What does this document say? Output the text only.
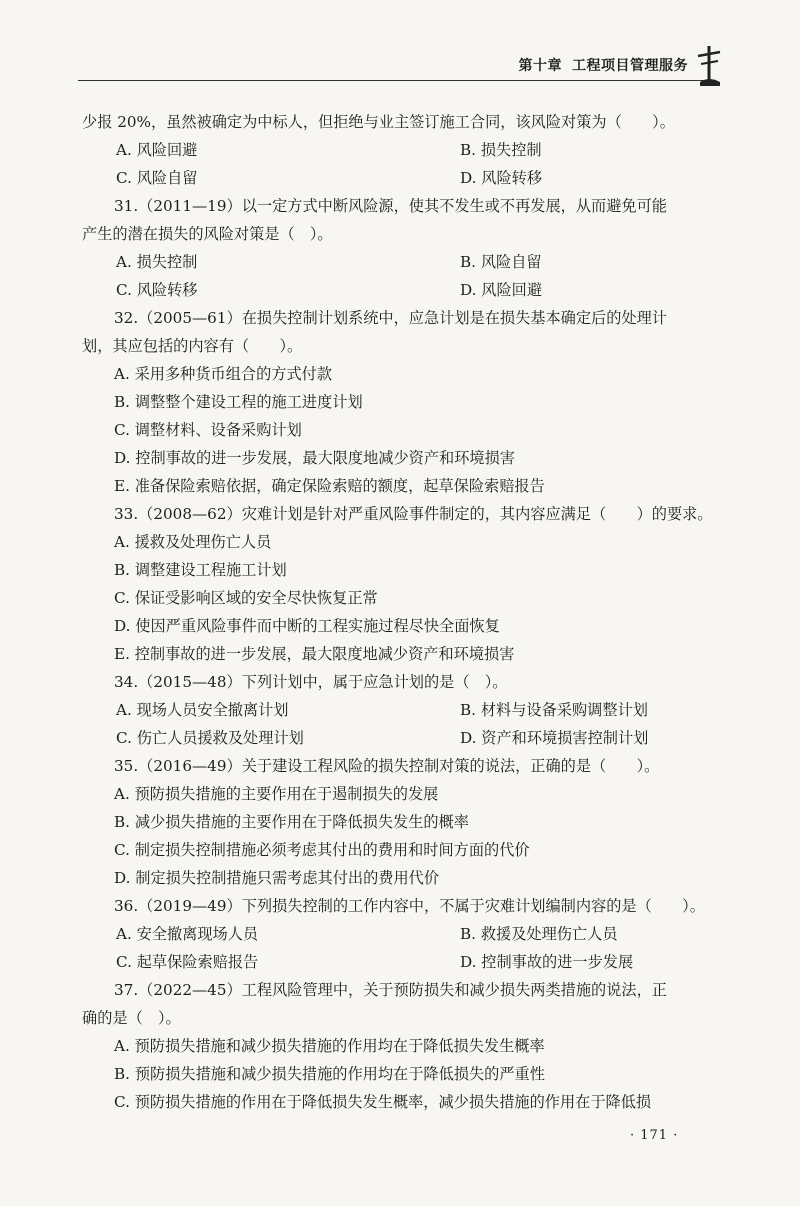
第十章 工程项目管理服务
少报 20%，虽然被确定为中标人，但拒绝与业主签订施工合同，该风险对策为（　　）。
A. 风险回避	B. 损失控制
C. 风险自留	D. 风险转移
31.（2011—19）以一定方式中断风险源，使其不发生或不再发展，从而避免可能
产生的潜在损失的风险对策是（　）。
A. 损失控制	B. 风险自留
C. 风险转移	D. 风险回避
32.（2005—61）在损失控制计划系统中，应急计划是在损失基本确定后的处理计
划，其应包括的内容有（　　）。
A. 采用多种货币组合的方式付款
B. 调整整个建设工程的施工进度计划
C. 调整材料、设备采购计划
D. 控制事故的进一步发展，最大限度地减少资产和环境损害
E. 准备保险索赔依据，确定保险索赔的额度，起草保险索赔报告
33.（2008—62）灾难计划是针对严重风险事件制定的，其内容应满足（　　）的要求。
A. 援救及处理伤亡人员
B. 调整建设工程施工计划
C. 保证受影响区域的安全尽快恢复正常
D. 使因严重风险事件而中断的工程实施过程尽快全面恢复
E. 控制事故的进一步发展，最大限度地减少资产和环境损害
34.（2015—48）下列计划中，属于应急计划的是（　）。
A. 现场人员安全撤离计划	B. 材料与设备采购调整计划
C. 伤亡人员援救及处理计划	D. 资产和环境损害控制计划
35.（2016—49）关于建设工程风险的损失控制对策的说法，正确的是（　　）。
A. 预防损失措施的主要作用在于遏制损失的发展
B. 减少损失措施的主要作用在于降低损失发生的概率
C. 制定损失控制措施必须考虑其付出的费用和时间方面的代价
D. 制定损失控制措施只需考虑其付出的费用代价
36.（2019—49）下列损失控制的工作内容中，不属于灾难计划编制内容的是（　　）。
A. 安全撤离现场人员	B. 救援及处理伤亡人员
C. 起草保险索赔报告	D. 控制事故的进一步发展
37.（2022—45）工程风险管理中，关于预防损失和减少损失两类措施的说法，正
确的是（　）。
A. 预防损失措施和减少损失措施的作用均在于降低损失发生概率
B. 预防损失措施和减少损失措施的作用均在于降低损失的严重性
C. 预防损失措施的作用在于降低损失发生概率，减少损失措施的作用在于降低损
· 171 ·
